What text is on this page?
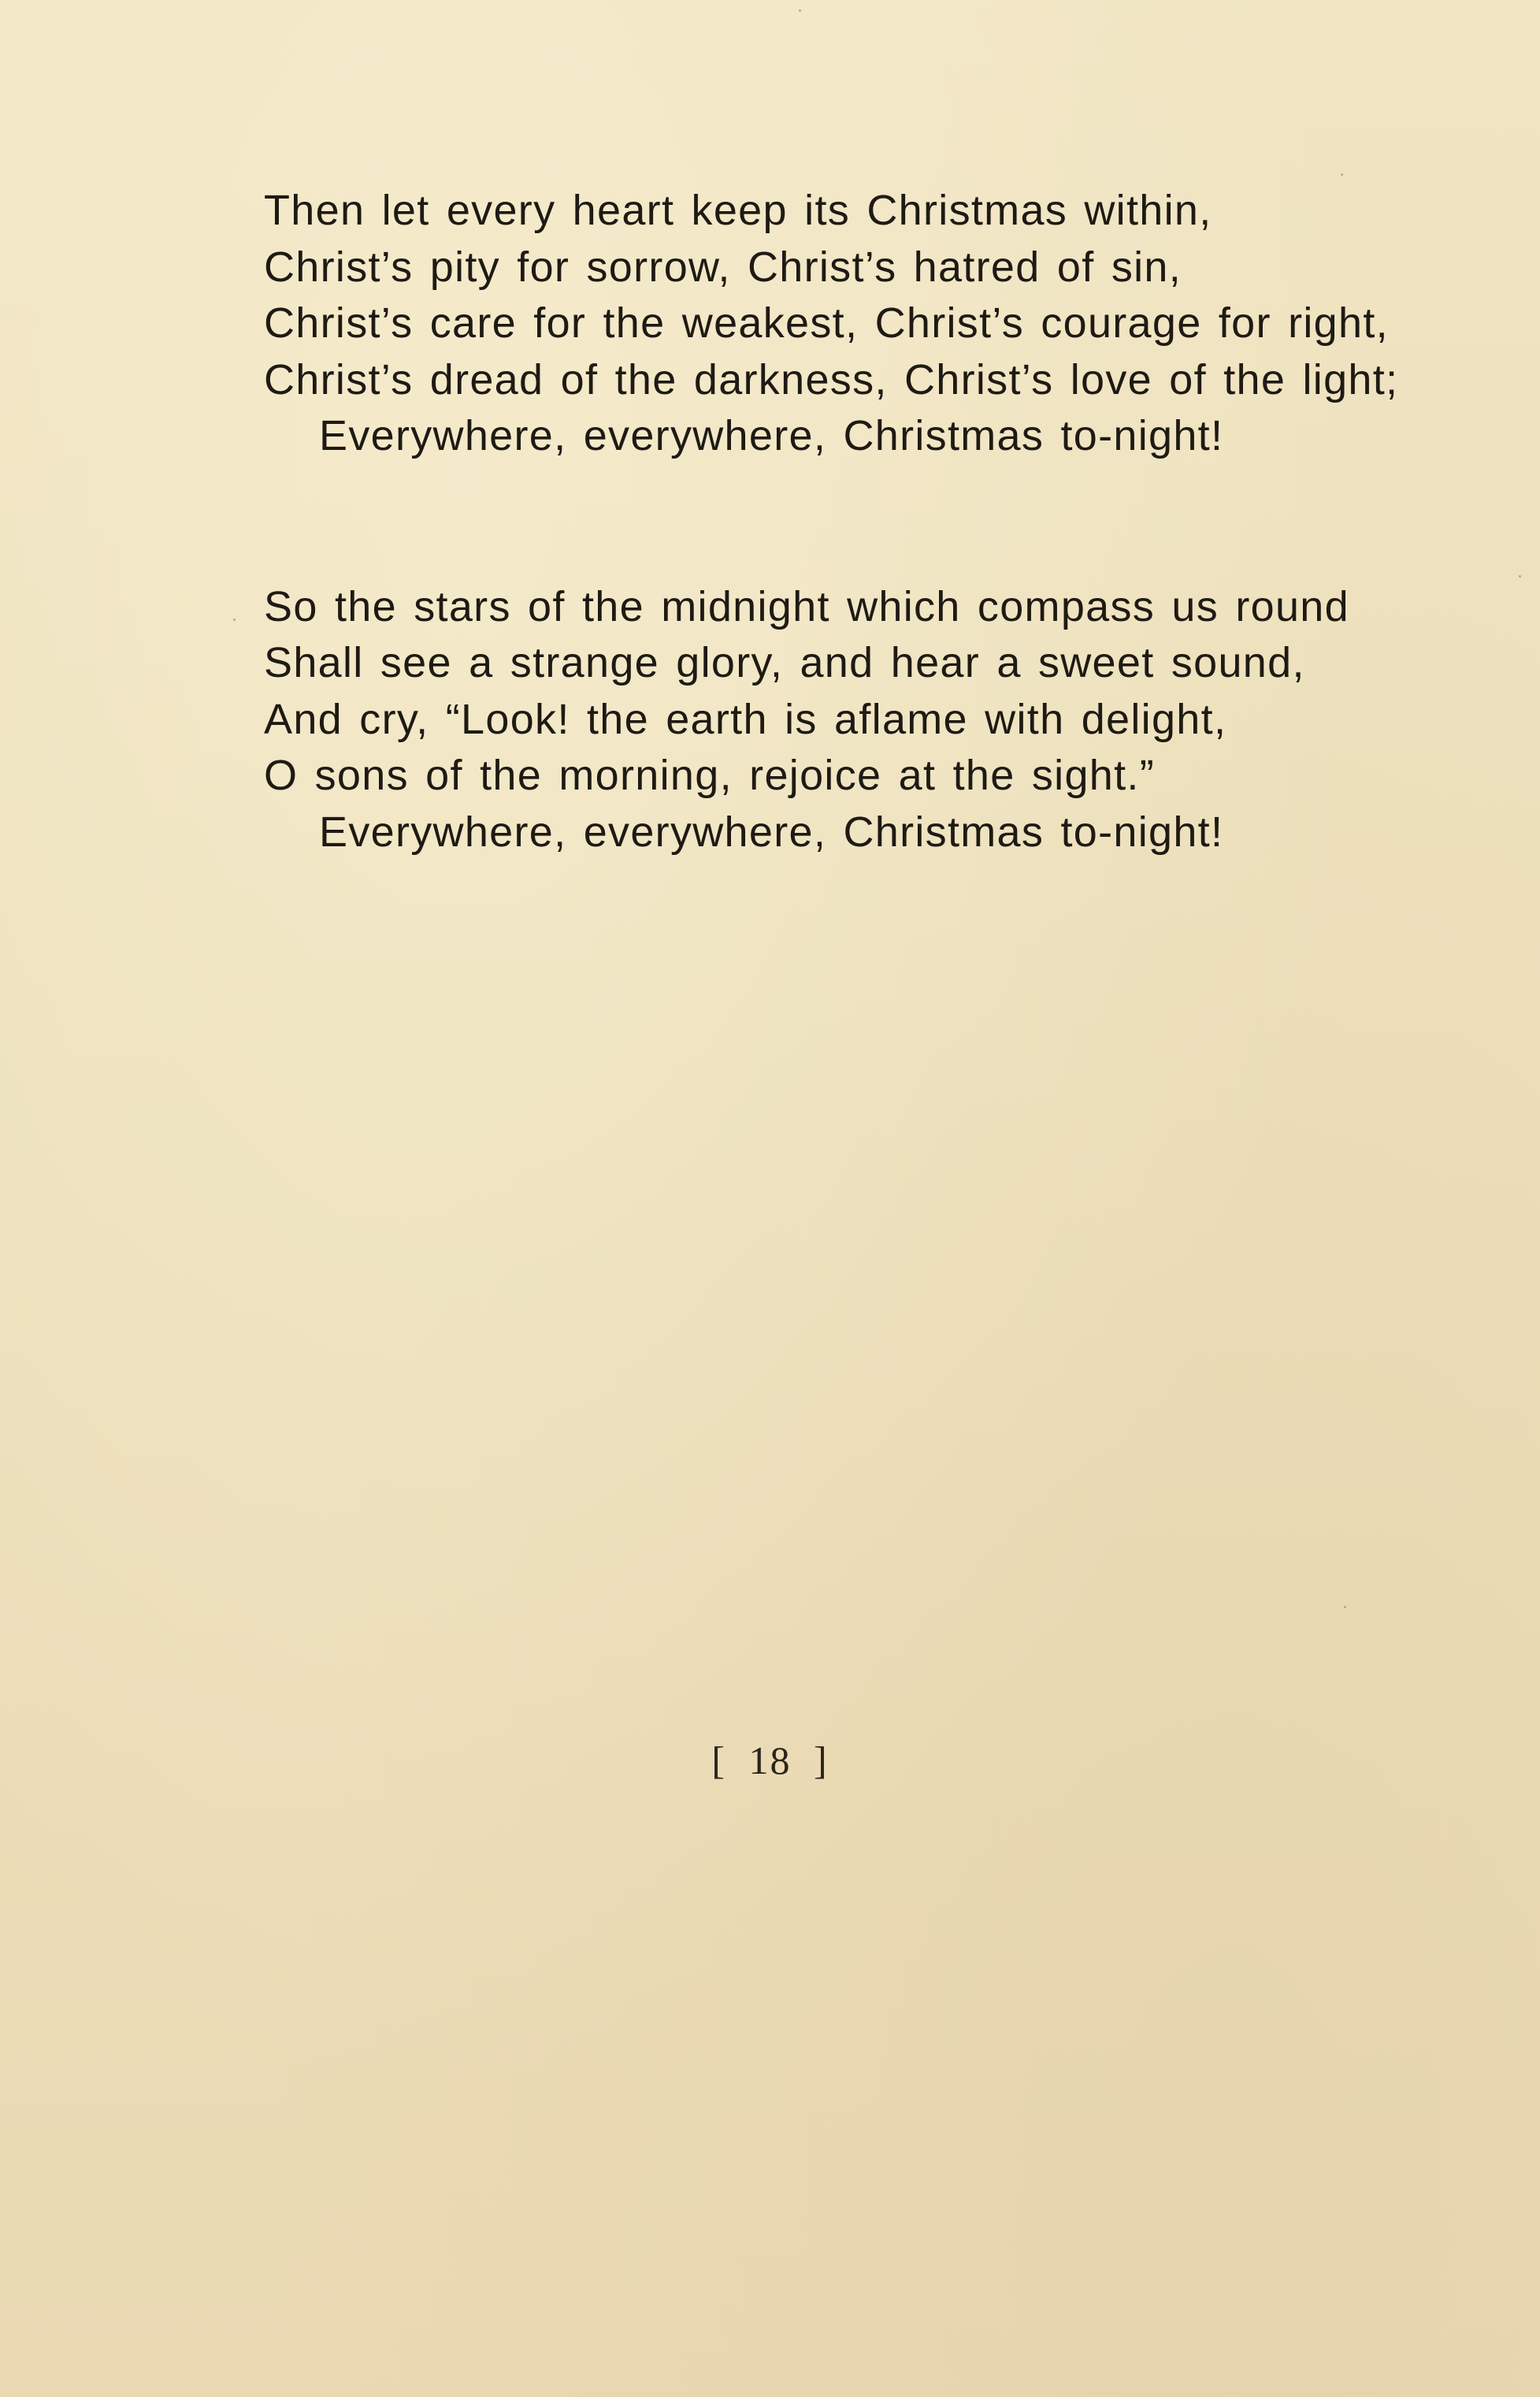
Then let every heart keep its Christmas within,
Christ’s pity for sorrow, Christ’s hatred of sin,
Christ’s care for the weakest, Christ’s courage for right,
Christ’s dread of the darkness, Christ’s love of the light;
Everywhere, everywhere, Christmas to-night!
So the stars of the midnight which compass us round
Shall see a strange glory, and hear a sweet sound,
And cry, “Look! the earth is aflame with delight,
O sons of the morning, rejoice at the sight.”
Everywhere, everywhere, Christmas to-night!
[ 18 ]
